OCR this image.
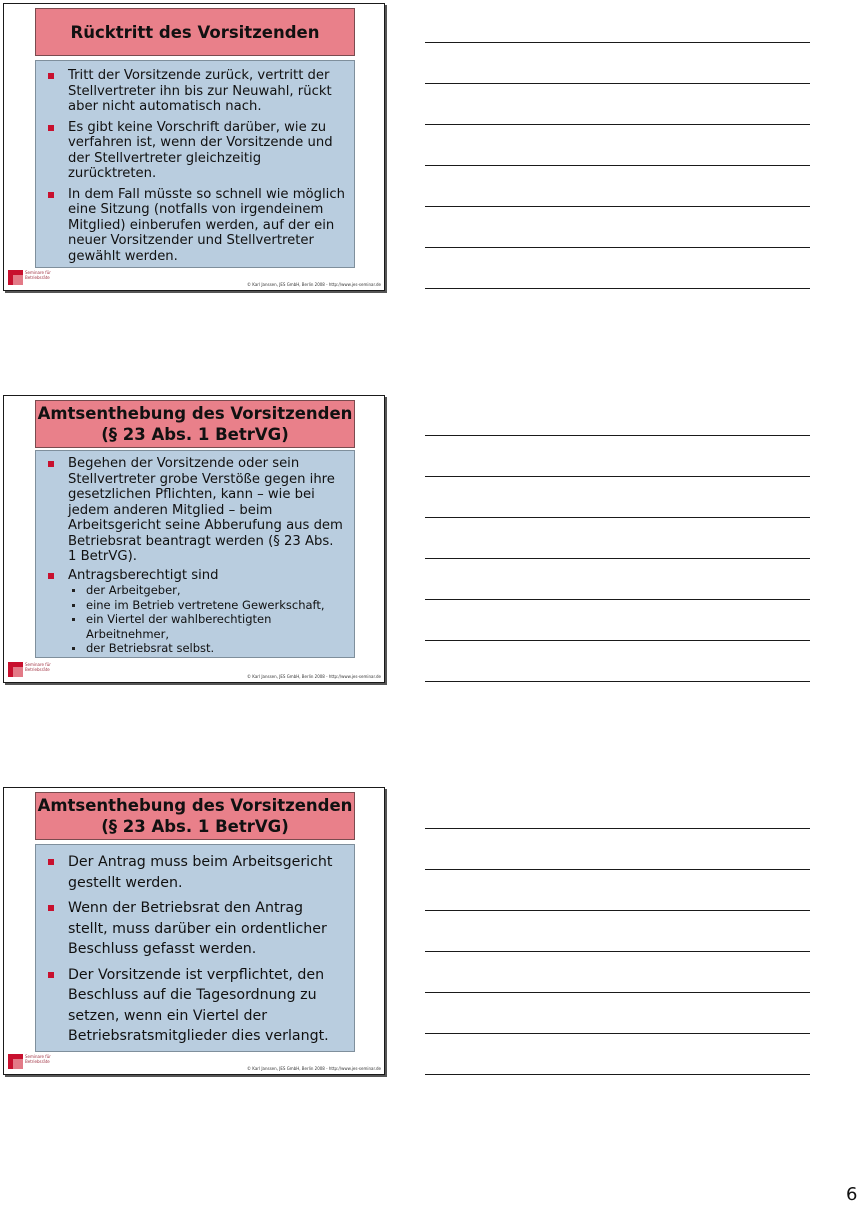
Rücktritt des Vorsitzenden
Tritt der Vorsitzende zurück, vertritt der Stellvertreter ihn bis zur Neuwahl, rückt aber nicht automatisch nach.
Es gibt keine Vorschrift darüber, wie zu verfahren ist, wenn der Vorsitzende und der Stellvertreter gleichzeitig zurücktreten.
In dem Fall müsste so schnell wie möglich eine Sitzung (notfalls von irgendeinem Mitglied) einberufen werden, auf der ein neuer Vorsitzender und Stellvertreter gewählt werden.
Seminare für Betriebsräte
© Karl Janssen, JES GmbH, Berlin 2008 - http://www.jes-seminar.de
Amtsenthebung des Vorsitzenden
(§ 23 Abs. 1 BetrVG)
Begehen der Vorsitzende oder sein Stellvertreter grobe Verstöße gegen ihre gesetzlichen Pflichten, kann – wie bei jedem anderen Mitglied – beim Arbeitsgericht seine Abberufung aus dem Betriebsrat beantragt werden (§ 23 Abs. 1 BetrVG).
Antragsberechtigt sind
der Arbeitgeber,
eine im Betrieb vertretene Gewerkschaft,
ein Viertel der wahlberechtigten Arbeitnehmer,
der Betriebsrat selbst.
Seminare für Betriebsräte
© Karl Janssen, JES GmbH, Berlin 2008 - http://www.jes-seminar.de
Amtsenthebung des Vorsitzenden
(§ 23 Abs. 1 BetrVG)
Der Antrag muss beim Arbeitsgericht gestellt werden.
Wenn der Betriebsrat den Antrag stellt, muss darüber ein ordentlicher Beschluss gefasst werden.
Der Vorsitzende ist verpflichtet, den Beschluss auf die Tagesordnung zu setzen, wenn ein Viertel der Betriebsratsmitglieder dies verlangt.
Seminare für Betriebsräte
© Karl Janssen, JES GmbH, Berlin 2008 - http://www.jes-seminar.de
6
